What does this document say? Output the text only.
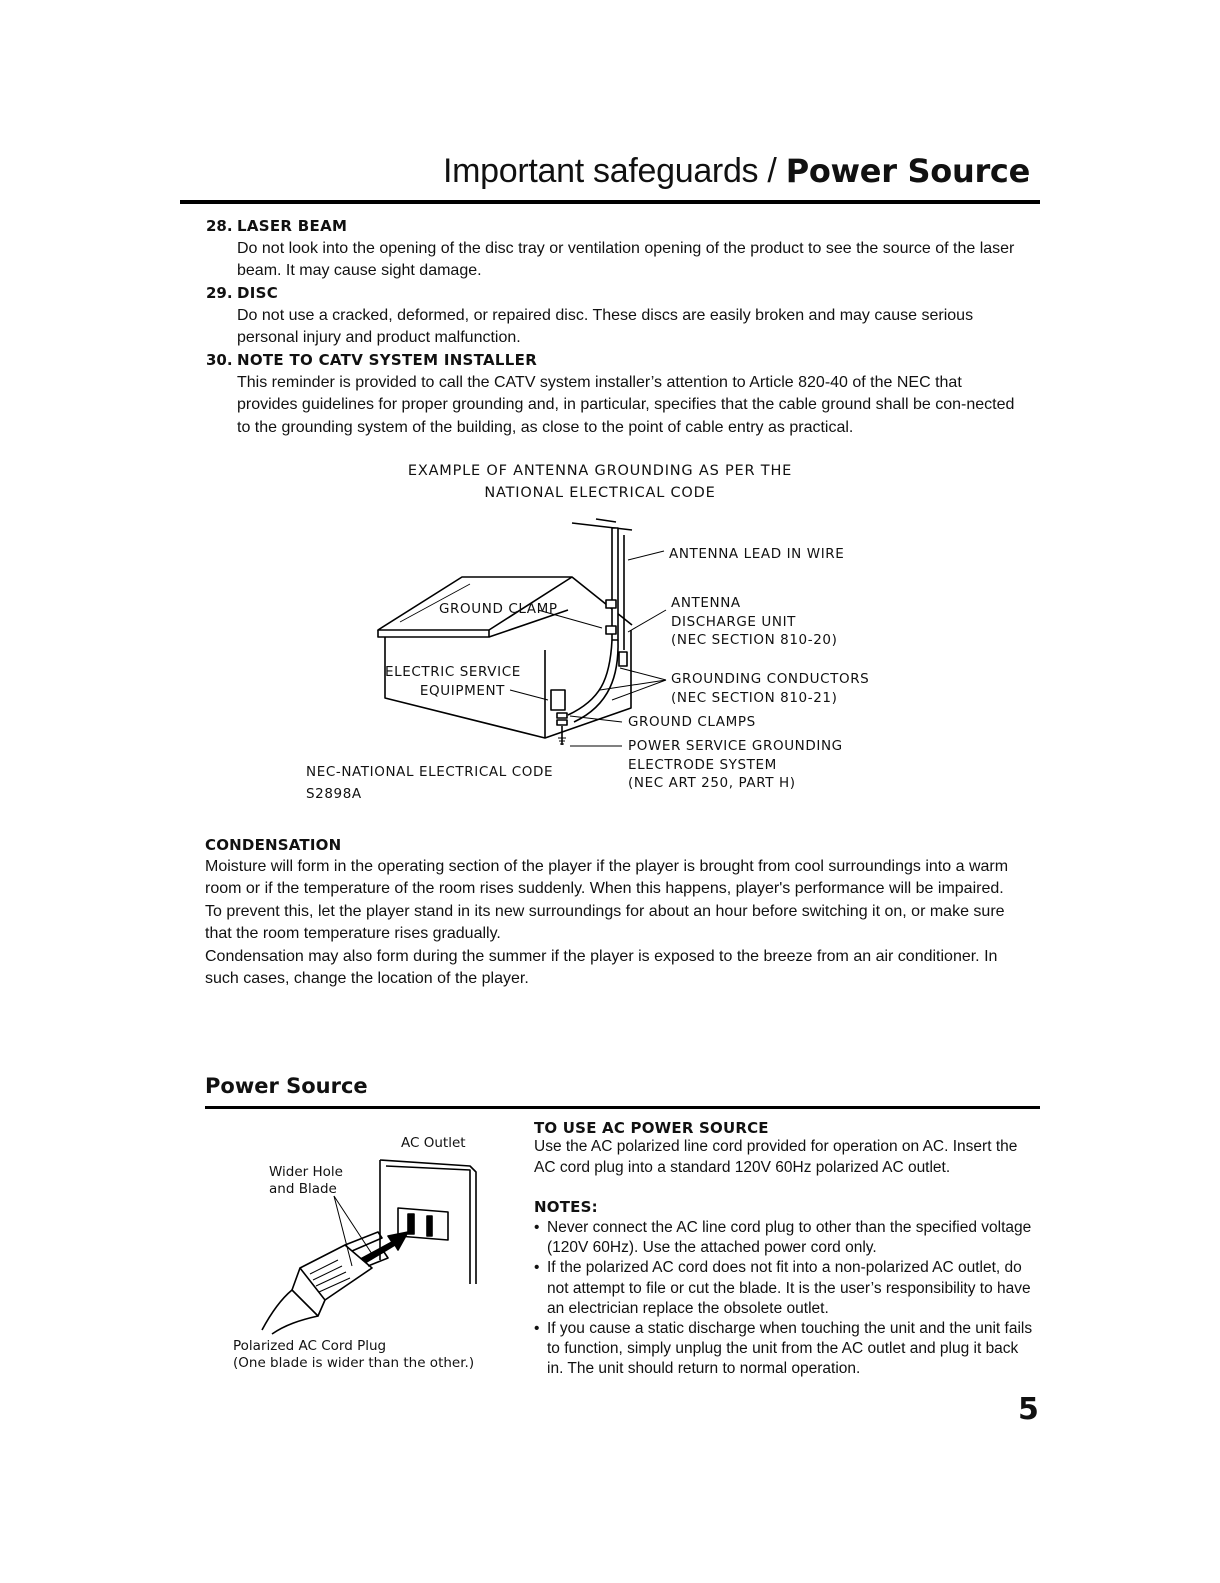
Important safeguards / Power Source
28. LASER BEAM
Do not look into the opening of the disc tray or ventilation opening of the product to see the source of the laser beam. It may cause sight damage.
29. DISC
Do not use a cracked, deformed, or repaired disc. These discs are easily broken and may cause serious personal injury and product malfunction.
30. NOTE TO CATV SYSTEM INSTALLER
This reminder is provided to call the CATV system installer’s attention to Article 820-40 of the NEC that provides guidelines for proper grounding and, in particular, specifies that the cable ground shall be con-nected to the grounding system of the building, as close to the point of cable entry as practical.
EXAMPLE OF ANTENNA GROUNDING AS PER THE
NATIONAL ELECTRICAL CODE
ANTENNA LEAD IN WIRE
GROUND CLAMP	ANTENNA
DISCHARGE UNIT
(NEC SECTION 810-20)
ELECTRIC SERVICE
EQUIPMENT
GROUNDING CONDUCTORS
(NEC SECTION 810-21)
GROUND CLAMPS
POWER SERVICE GROUNDING
ELECTRODE SYSTEM
(NEC ART 250, PART H)
NEC-NATIONAL ELECTRICAL CODE
S2898A
CONDENSATION
Moisture will form in the operating section of the player if the player is brought from cool surroundings into a warm room or if the temperature of the room rises suddenly. When this happens, player's performance will be impaired.
To prevent this, let the player stand in its new surroundings for about an hour before switching it on, or make sure that the room temperature rises gradually.
Condensation may also form during the summer if the player is exposed to the breeze from an air conditioner. In such cases, change the location of the player.
Power Source
AC Outlet
Wider Hole
and Blade
Polarized AC Cord Plug
(One blade is wider than the other.)
TO USE AC POWER SOURCE
Use the AC polarized line cord provided for operation on AC. Insert the AC cord plug into a standard 120V 60Hz polarized AC outlet.
NOTES:
• Never connect the AC line cord plug to other than the specified voltage (120V 60Hz). Use the attached power cord only.
• If the polarized AC cord does not fit into a non-polarized AC outlet, do not attempt to file or cut the blade. It is the user’s responsibility to have an electrician replace the obsolete outlet.
• If you cause a static discharge when touching the unit and the unit fails to function, simply unplug the unit from the AC outlet and plug it back in. The unit should return to normal operation.
5
